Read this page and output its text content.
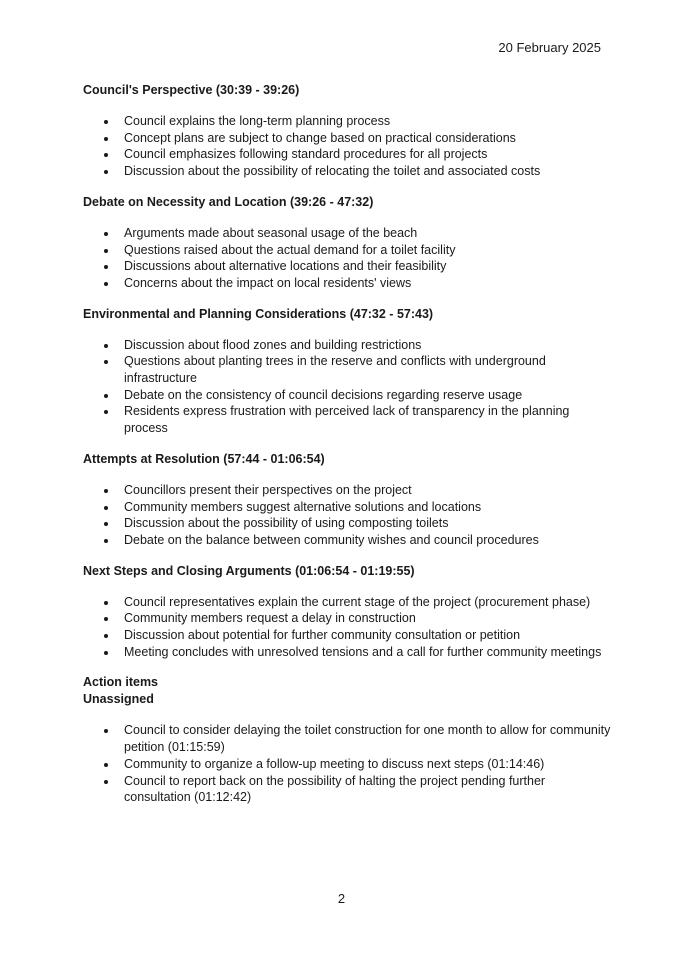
20 February 2025
Council's Perspective (30:39 - 39:26)
Council explains the long-term planning process
Concept plans are subject to change based on practical considerations
Council emphasizes following standard procedures for all projects
Discussion about the possibility of relocating the toilet and associated costs
Debate on Necessity and Location (39:26 - 47:32)
Arguments made about seasonal usage of the beach
Questions raised about the actual demand for a toilet facility
Discussions about alternative locations and their feasibility
Concerns about the impact on local residents' views
Environmental and Planning Considerations (47:32 - 57:43)
Discussion about flood zones and building restrictions
Questions about planting trees in the reserve and conflicts with underground infrastructure
Debate on the consistency of council decisions regarding reserve usage
Residents express frustration with perceived lack of transparency in the planning process
Attempts at Resolution (57:44 - 01:06:54)
Councillors present their perspectives on the project
Community members suggest alternative solutions and locations
Discussion about the possibility of using composting toilets
Debate on the balance between community wishes and council procedures
Next Steps and Closing Arguments (01:06:54 - 01:19:55)
Council representatives explain the current stage of the project (procurement phase)
Community members request a delay in construction
Discussion about potential for further community consultation or petition
Meeting concludes with unresolved tensions and a call for further community meetings
Action items
Unassigned
Council to consider delaying the toilet construction for one month to allow for community petition (01:15:59)
Community to organize a follow-up meeting to discuss next steps (01:14:46)
Council to report back on the possibility of halting the project pending further consultation (01:12:42)
2
